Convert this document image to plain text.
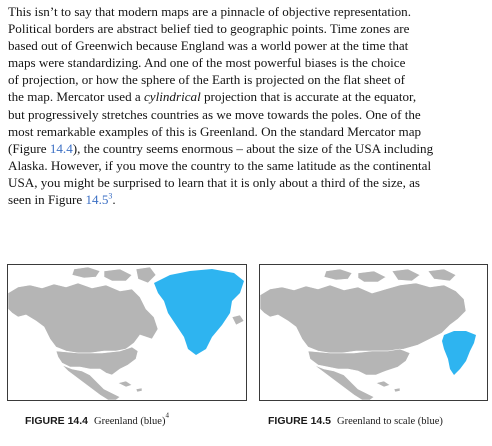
This isn’t to say that modern maps are a pinnacle of objective representation.
Political borders are abstract belief tied to geographic points. Time zones are
based out of Greenwich because England was a world power at the time that
maps were standardizing. And one of the most powerful biases is the choice
of projection, or how the sphere of the Earth is projected on the flat sheet of
the map. Mercator used a cylindrical projection that is accurate at the equator,
but progressively stretches countries as we move towards the poles. One of the
most remarkable examples of this is Greenland. On the standard Mercator map
(Figure 14.4), the country seems enormous – about the size of the USA including
Alaska. However, if you move the country to the same latitude as the continental
USA, you might be surprised to learn that it is only about a third of the size, as
seen in Figure 14.5$^3$.
FIGURE 14.4 Greenland (blue)$^4$	FIGURE 14.5 Greenland to scale (blue)
